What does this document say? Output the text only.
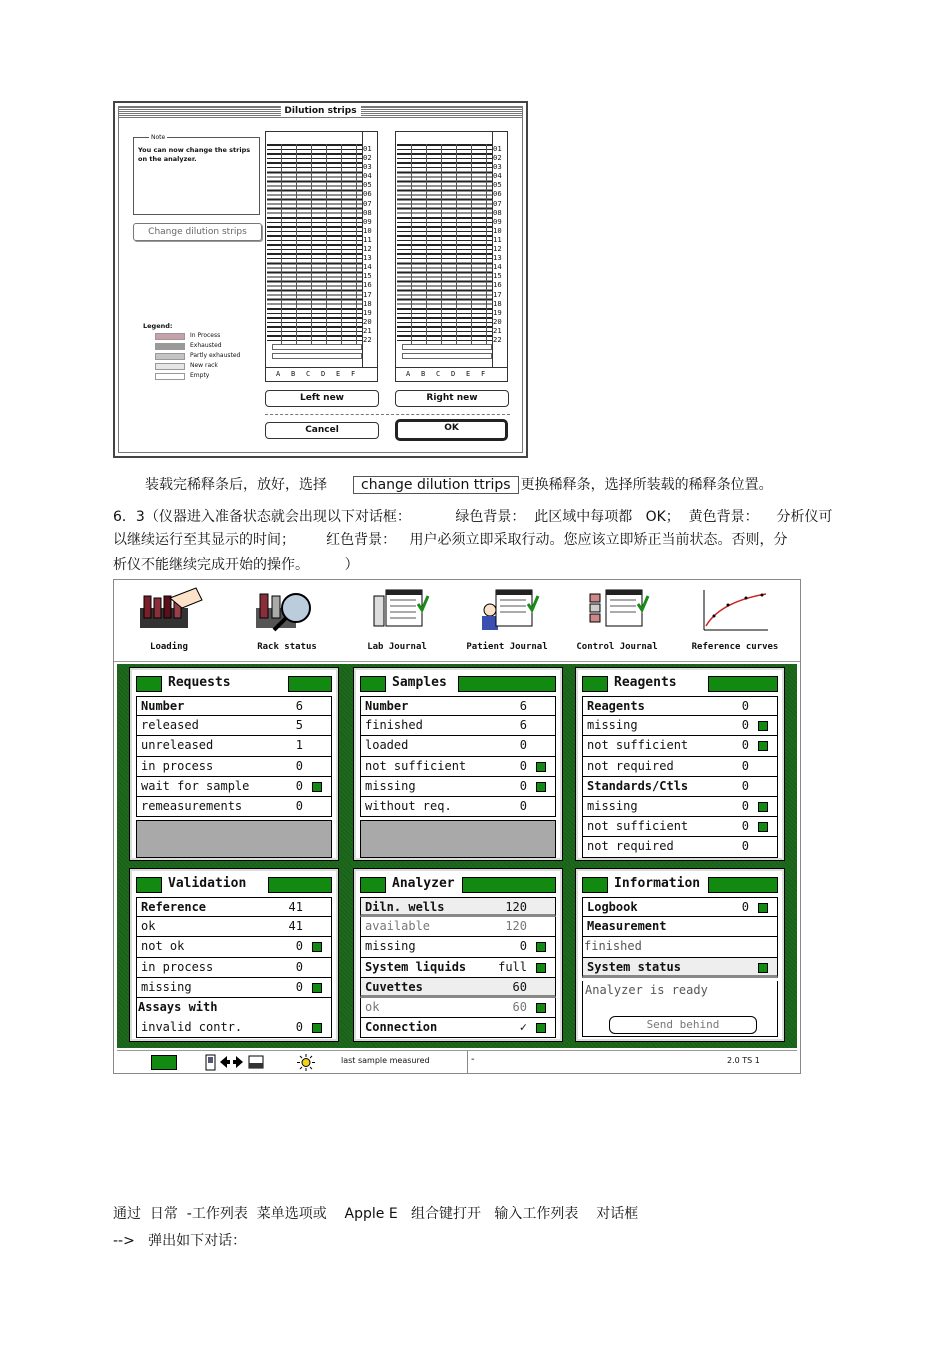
Dilution strips
Note
You can now change the strips on the analyzer.
Change dilution strips
Legend:
In Process
Exhausted
Partly exhausted
New rack
Empty
01
02
03
04
05
06
07
08
09
10
11
12
13
14
15
16
17
18
19
20
21
22
A B C D E F
01
02
03
04
05
06
07
08
09
10
11
12
13
14
15
16
17
18
19
20
21
22
A B C D E F
Left new	Right new
Cancel	OK
装载完稀释条后，放好，选择 change dilution ttrips 更换稀释条，选择所装载的稀释条位置。
6．3（仪器进入准备状态就会出现以下对话框：          绿色背景：  此区域中每项都   OK；  黄色背景：    分析仪可
以继续运行至其显示的时间；       红色背景：   用户必须立即采取行动。您应该立即矫正当前状态。否则，分
析仪不能继续完成开始的操作。        ）
Loading	Rack status	Lab Journal	Patient Journal	Control Journal	Reference curves
Requests
Number	6
released	5
unreleased	1
in process	0
wait for sample	0
remeasurements	0
Samples
Number	6
finished	6
loaded	0
not sufficient	0
missing	0
without req.	0
Reagents
Reagents	0
missing	0
not sufficient	0
not required	0
Standards/Ctls	0
missing	0
not sufficient	0
not required	0
Validation
Reference	41
ok	41
not ok	0
in process	0
missing	0
Assays with
invalid contr.	0
Analyzer
Diln. wells	120
available	120
missing	0
System liquids	full
Cuvettes	60
ok	60
Connection	✓
Information
Logbook	0
Measurement
finished
System status
Analyzer is ready
Send behind
last sample measured	-	2.0 TS 1
通过  日常  -工作列表  菜单选项或    Apple E   组合键打开   输入工作列表    对话框
-->   弹出如下对话：
